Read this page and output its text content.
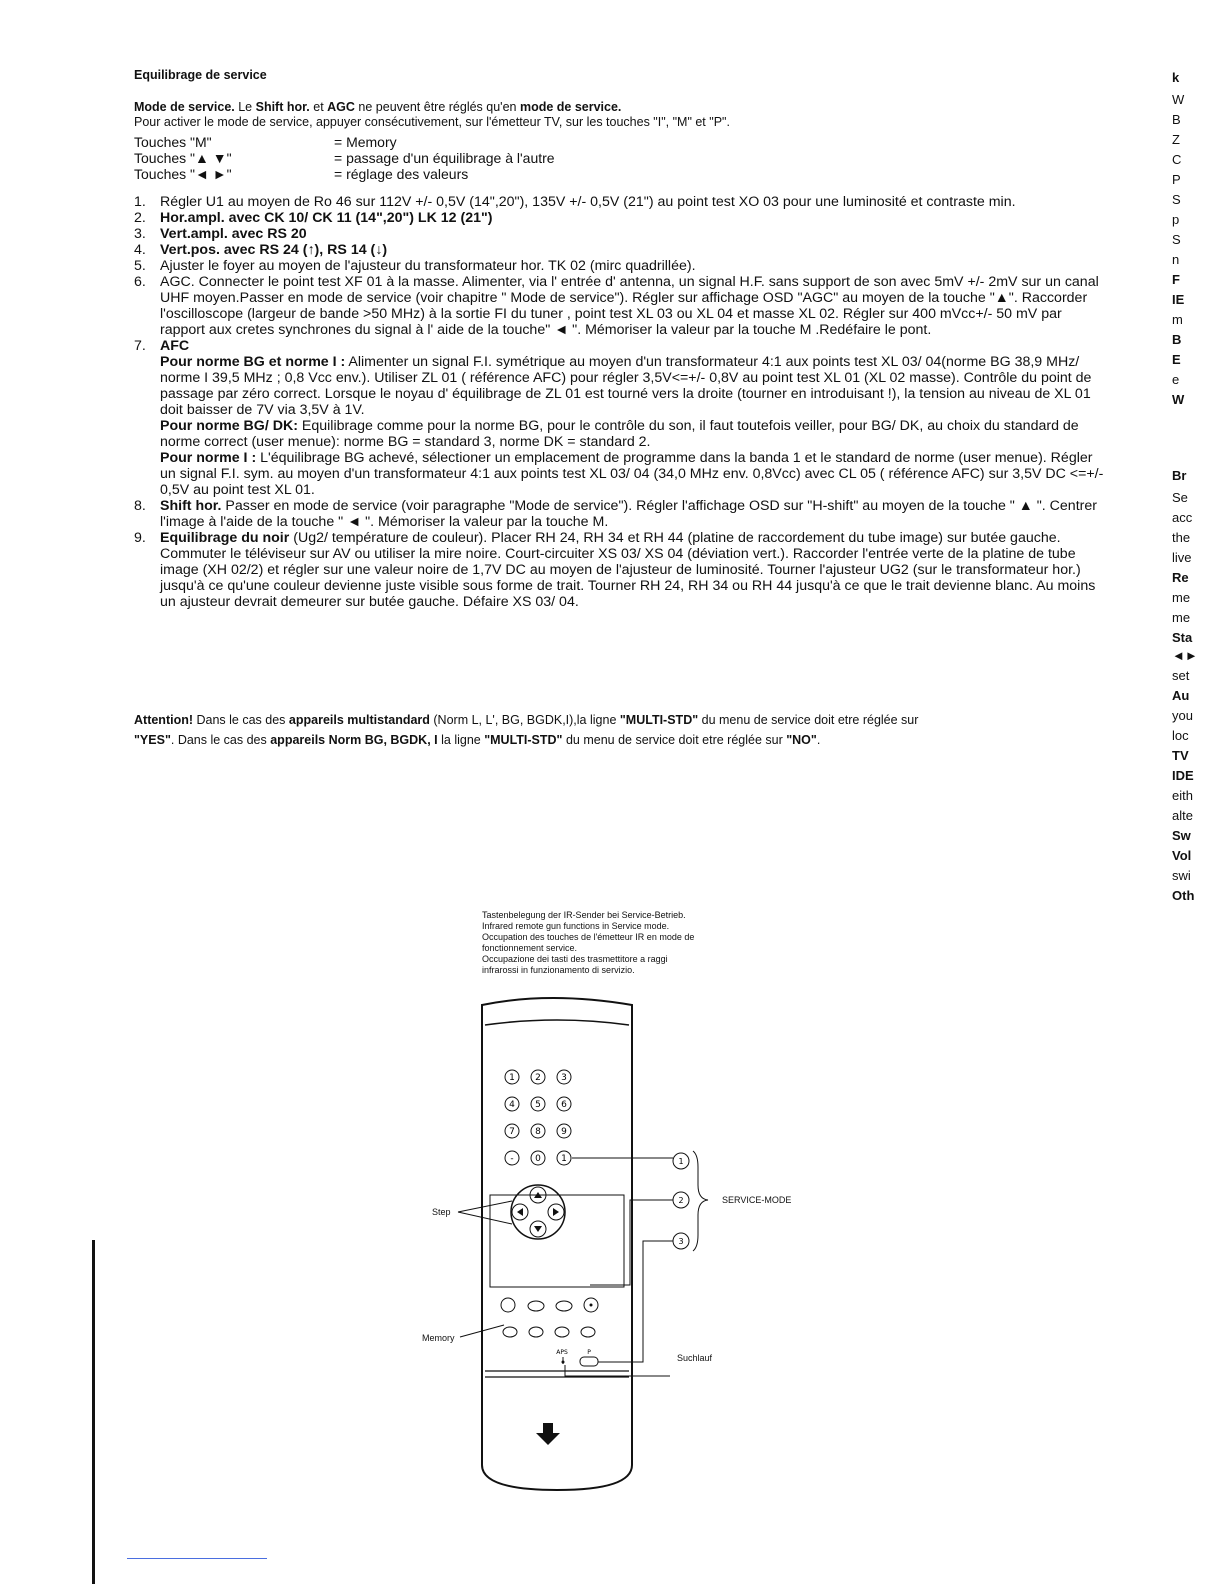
Equilibrage de service
Mode de service. Le Shift hor. et AGC ne peuvent être réglés qu'en mode de service.
Pour activer le mode de service, appuyer consécutivement, sur l'émetteur TV, sur les touches "I", "M" et "P".
Touches "M"	= Memory
Touches "▲ ▼"	= passage d'un équilibrage à l'autre
Touches "◄ ►"	= réglage des valeurs
1. Régler U1 au moyen de Ro 46 sur 112V +/- 0,5V (14",20"), 135V +/- 0,5V (21") au point test XO 03 pour une luminosité et contraste min.
2. Hor.ampl. avec CK 10/ CK 11 (14",20") LK 12 (21")
3. Vert.ampl. avec RS 20
4. Vert.pos. avec RS 24 (↑), RS 14 (↓)
5. Ajuster le foyer au moyen de l'ajusteur du transformateur hor. TK 02 (mirc quadrillée).
6. AGC. Connecter le point test XF 01 à la masse. Alimenter, via l' entrée d' antenna, un signal H.F. sans support de son avec 5mV +/- 2mV sur un canal UHF moyen.Passer en mode de service (voir chapitre " Mode de service"). Régler sur affichage OSD "AGC" au moyen de la touche "▲". Raccorder l'oscilloscope (largeur de bande >50 MHz) à la sortie FI du tuner , point test XL 03 ou XL 04 et masse XL 02. Régler sur 400 mVcc+/- 50 mV par rapport aux cretes synchrones du signal à l' aide de la touche" ◄ ". Mémoriser la valeur par la touche M .Redéfaire le pont.
7. AFC
Pour norme BG et norme I : Alimenter un signal F.I. symétrique au moyen d'un transformateur 4:1 aux points test XL 03/ 04(norme BG 38,9 MHz/ norme I 39,5 MHz ; 0,8 Vcc env.). Utiliser ZL 01 ( référence AFC) pour régler 3,5V<=+/- 0,8V au point test XL 01 (XL 02 masse). Contrôle du point de passage par zéro correct. Lorsque le noyau d' équilibrage de ZL 01 est tourné vers la droite (tourner en introduisant !), la tension au niveau de XL 01 doit baisser de 7V via 3,5V à 1V.
Pour norme BG/ DK: Equilibrage comme pour la norme BG, pour le contrôle du son, il faut toutefois veiller, pour BG/ DK, au choix du standard de norme correct (user menue): norme BG = standard 3, norme DK = standard 2.
Pour norme I : L'équilibrage BG achevé, sélectioner un emplacement de programme dans la banda 1 et le standard de norme (user menue). Régler un signal F.I. sym. au moyen d'un transformateur 4:1 aux points test XL 03/ 04 (34,0 MHz env. 0,8Vcc) avec CL 05 ( référence AFC) sur 3,5V DC <=+/- 0,5V au point test XL 01.
8. Shift hor. Passer en mode de service (voir paragraphe "Mode de service"). Régler l'affichage OSD sur "H-shift" au moyen de la touche " ▲ ". Centrer l'image à l'aide de la touche " ◄ ". Mémoriser la valeur par la touche M.
9. Equilibrage du noir (Ug2/ température de couleur). Placer RH 24, RH 34 et RH 44 (platine de raccordement du tube image) sur butée gauche. Commuter le téléviseur sur AV ou utiliser la mire noire. Court-circuiter XS 03/ XS 04 (déviation vert.). Raccorder l'entrée verte de la platine de tube image (XH 02/2) et régler sur une valeur noire de 1,7V DC au moyen de l'ajusteur de luminosité. Tourner l'ajusteur UG2 (sur le transformateur hor.) jusqu'à ce qu'une couleur devienne juste visible sous forme de trait. Tourner RH 24, RH 34 ou RH 44 jusqu'à ce que le trait devienne blanc. Au moins un ajusteur devrait demeurer sur butée gauche. Défaire XS 03/ 04.
Attention! Dans le cas des appareils multistandard (Norm L, L', BG, BGDK,I),la ligne "MULTI-STD" du menu de service doit etre réglée sur
"YES". Dans le cas des appareils Norm BG, BGDK, I la ligne "MULTI-STD" du menu de service doit etre réglée sur "NO".
Tastenbelegung der IR-Sender bei Service-Betrieb.
Infrared remote gun functions in Service mode.
Occupation des touches de l'émetteur IR en mode de
fonctionnement service.
Occupazione dei tasti des trasmettitore a raggi
infrarossi in funzionamento di servizio.
1 2 3
4 5 6
7 8 9
- 0 1
APS	P
1
2
3
Step
Memory
SERVICE-MODE
Suchlauf
k
W
B
Z
C
P
S
p
S
n
F
IE
m
B
E
e
W
Br
Se
acc
the
live
Re
me
me
Sta
◄►
set
Au
you
loc
TV
IDE
eith
alte
Sw
Vol
swi
Oth
